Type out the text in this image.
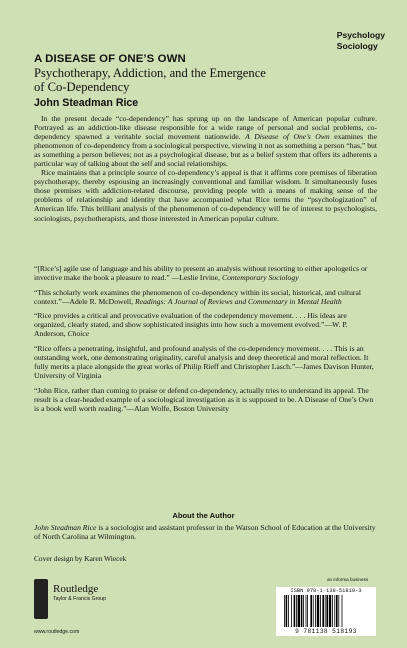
Psychology
Sociology
A DISEASE OF ONE’S OWN
Psychotherapy, Addiction, and the Emergence
of Co-Dependency
John Steadman Rice

In the present decade “co-dependency” has sprung up on the landscape of American popular culture. Portrayed as an addiction-like disease responsible for a wide range of personal and social problems, co-dependency spawned a veritable social movement nationwide. A Disease of One’s Own examines the phenomenon of co-dependency from a sociological perspective, viewing it not as something a person “has,” but as something a person believes; not as a psychological disease, but as a belief system that offers its adherents a particular way of talking about the self and social relationships.

Rice maintains that a principle source of co-dependency’s appeal is that it affirms core premises of liberation psychotherapy, thereby espousing an increasingly conventional and familiar wisdom. It simultaneously fuses those premises with addiction-related discourse, providing people with a means of making sense of the problems of relationship and identity that have accompanied what Rice terms the “psychologization” of American life. This brilliant analysis of the phenomenon of co-dependency will be of interest to psychologists, sociologists, psychotherapists, and those interested in American popular culture.

“[Rice’s] agile use of language and his ability to present an analysis without resorting to either apologetics or invective make the book a pleasure to read.” —Leslie Irvine, Contemporary Sociology

“This scholarly work examines the phenomenon of co-dependency within its social, historical, and cultural context.”—Adele R. McDowell, Readings: A Journal of Reviews and Commentary in Mental Health

“Rice provides a critical and provocative evaluation of the codependency movement. . . . His ideas are organized, clearly stated, and show sophisticated insights into how such a movement evolved.”—W. P. Anderson, Choice

“Rice offers a penetrating, insightful, and profound analysis of the co-dependency movement. . . . This is an outstanding work, one demonstrating originality, careful analysis and deep theoretical and moral reflection. It fully merits a place alongside the great works of Philip Rieff and Christopher Lasch.”—James Davison Hunter, University of Virginia

“John Rice, rather than coming to praise or defend co-dependency, actually tries to understand its appeal. The result is a clear-headed example of a sociological investigation as it is supposed to be. A Disease of One’s Own is a book well worth reading.”—Alan Wolfe, Boston University

About the Author
John Steadman Rice is a sociologist and assistant professor in the Watson School of Education at the University of North Carolina at Wilmington.
Cover design by Karen Wiecek
Routledge
Taylor & Francis Group
www.routledge.com
an informa business
ISBN 978-1-138-51819-3
9 781138 518193
